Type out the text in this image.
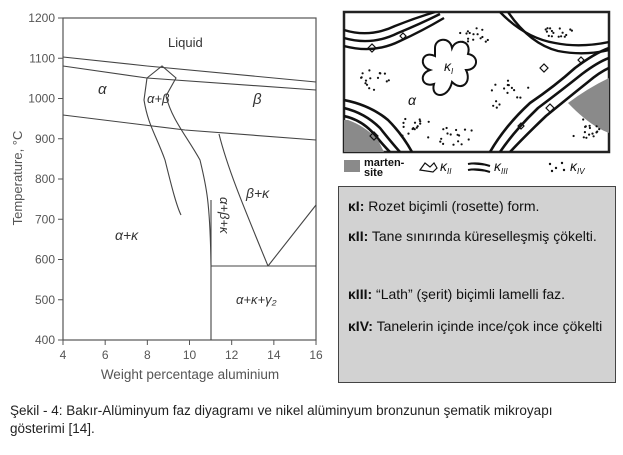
1200
1100
1000
900
800
700
600
500
400
4	6	8	10 12 14 16
Liquid
α
α+β	β
β+κ
α+κ
α+β+κ
α+κ+γ₂
Temperature, °C
Weight percentage aluminium
$\kappa_I$
α
marten-site	$\kappa_{II}$	$\kappa_{III}$	$\kappa_{IV}$
κI: Rozet biçimli (rosette) form.
κII: Tane sınırında küreselleşmiş çökelti.
κIII: “Lath” (şerit) biçimli lamelli faz.
κIV: Tanelerin içinde ince/çok ince çökelti
Şekil - 4: Bakır-Alüminyum faz diyagramı ve nikel alüminyum bronzunun şematik mikroyapı gösterimi [14].
